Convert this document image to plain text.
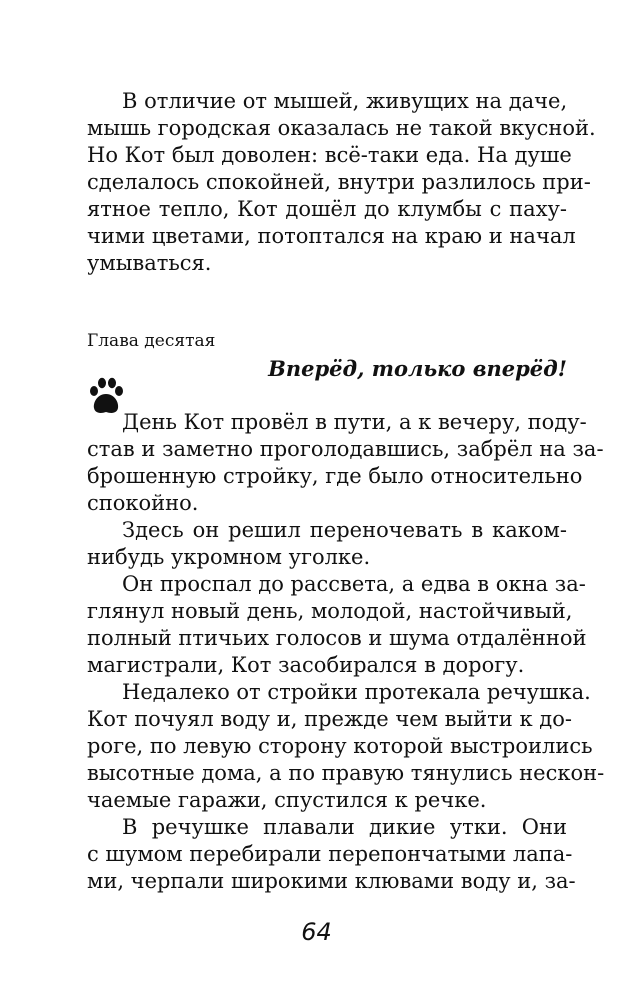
В отличие от мышей, живущих на даче,
мышь городская оказалась не такой вкусной.
Но Кот был доволен: всё-таки еда. На душе
сделалось спокойней, внутри разлилось при-
ятное тепло, Кот дошёл до клумбы с паху-
чими цветами, потоптался на краю и начал
умываться.
Глава десятая
Вперёд, только вперёд!
День Кот провёл в пути, а к вечеру, поду-
став и заметно проголодавшись, забрёл на за-
брошенную стройку, где было относительно
спокойно.
Здесь он решил переночевать в каком-
нибудь укромном уголке.
Он проспал до рассвета, а едва в окна за-
глянул новый день, молодой, настойчивый,
полный птичьих голосов и шума отдалённой
магистрали, Кот засобирался в дорогу.
Недалеко от стройки протекала речушка.
Кот почуял воду и, прежде чем выйти к до-
роге, по левую сторону которой выстроились
высотные дома, а по правую тянулись нескон-
чаемые гаражи, спустился к речке.
В речушке плавали дикие утки. Они
с шумом перебирали перепончатыми лапа-
ми, черпали широкими клювами воду и, за-
64
